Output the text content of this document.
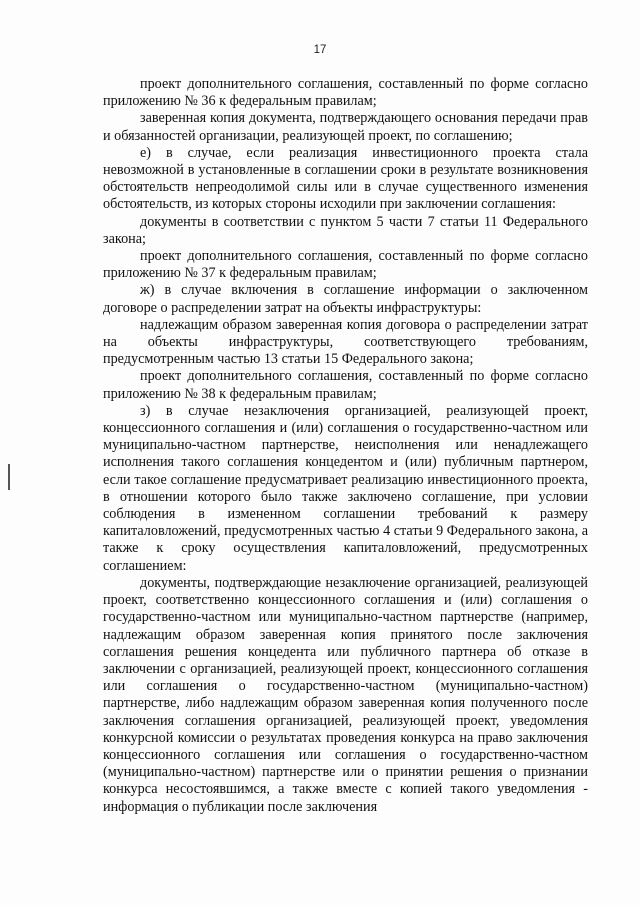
17

проект дополнительного соглашения, составленный по форме согласно приложению № 36 к федеральным правилам;

заверенная копия документа, подтверждающего основания передачи прав и обязанностей организации, реализующей проект, по соглашению;

е) в случае, если реализация инвестиционного проекта стала невозможной в установленные в соглашении сроки в результате возникновения обстоятельств непреодолимой силы или в случае существенного изменения обстоятельств, из которых стороны исходили при заключении соглашения:

документы в соответствии с пунктом 5 части 7 статьи 11 Федерального закона;

проект дополнительного соглашения, составленный по форме согласно приложению № 37 к федеральным правилам;

ж) в случае включения в соглашение информации о заключенном договоре о распределении затрат на объекты инфраструктуры:

надлежащим образом заверенная копия договора о распределении затрат на объекты инфраструктуры, соответствующего требованиям, предусмотренным частью 13 статьи 15 Федерального закона;

проект дополнительного соглашения, составленный по форме согласно приложению № 38 к федеральным правилам;

з) в случае незаключения организацией, реализующей проект, концессионного соглашения и (или) соглашения о государственно-частном или муниципально-частном партнерстве, неисполнения или ненадлежащего исполнения такого соглашения концедентом и (или) публичным партнером, если такое соглашение предусматривает реализацию инвестиционного проекта, в отношении которого было также заключено соглашение, при условии соблюдения в измененном соглашении требований к размеру капиталовложений, предусмотренных частью 4 статьи 9 Федерального закона, а также к сроку осуществления капиталовложений, предусмотренных соглашением:

документы, подтверждающие незаключение организацией, реализующей проект, соответственно концессионного соглашения и (или) соглашения о государственно-частном или муниципально-частном партнерстве (например, надлежащим образом заверенная копия принятого после заключения соглашения решения концедента или публичного партнера об отказе в заключении с организацией, реализующей проект, концессионного соглашения или соглашения о государственно-частном (муниципально-частном) партнерстве, либо надлежащим образом заверенная копия полученного после заключения соглашения организацией, реализующей проект, уведомления конкурсной комиссии о результатах проведения конкурса на право заключения концессионного соглашения или соглашения о государственно-частном (муниципально-частном) партнерстве или о принятии решения о признании конкурса несостоявшимся, а также вместе с копией такого уведомления - информация о публикации после заключения
